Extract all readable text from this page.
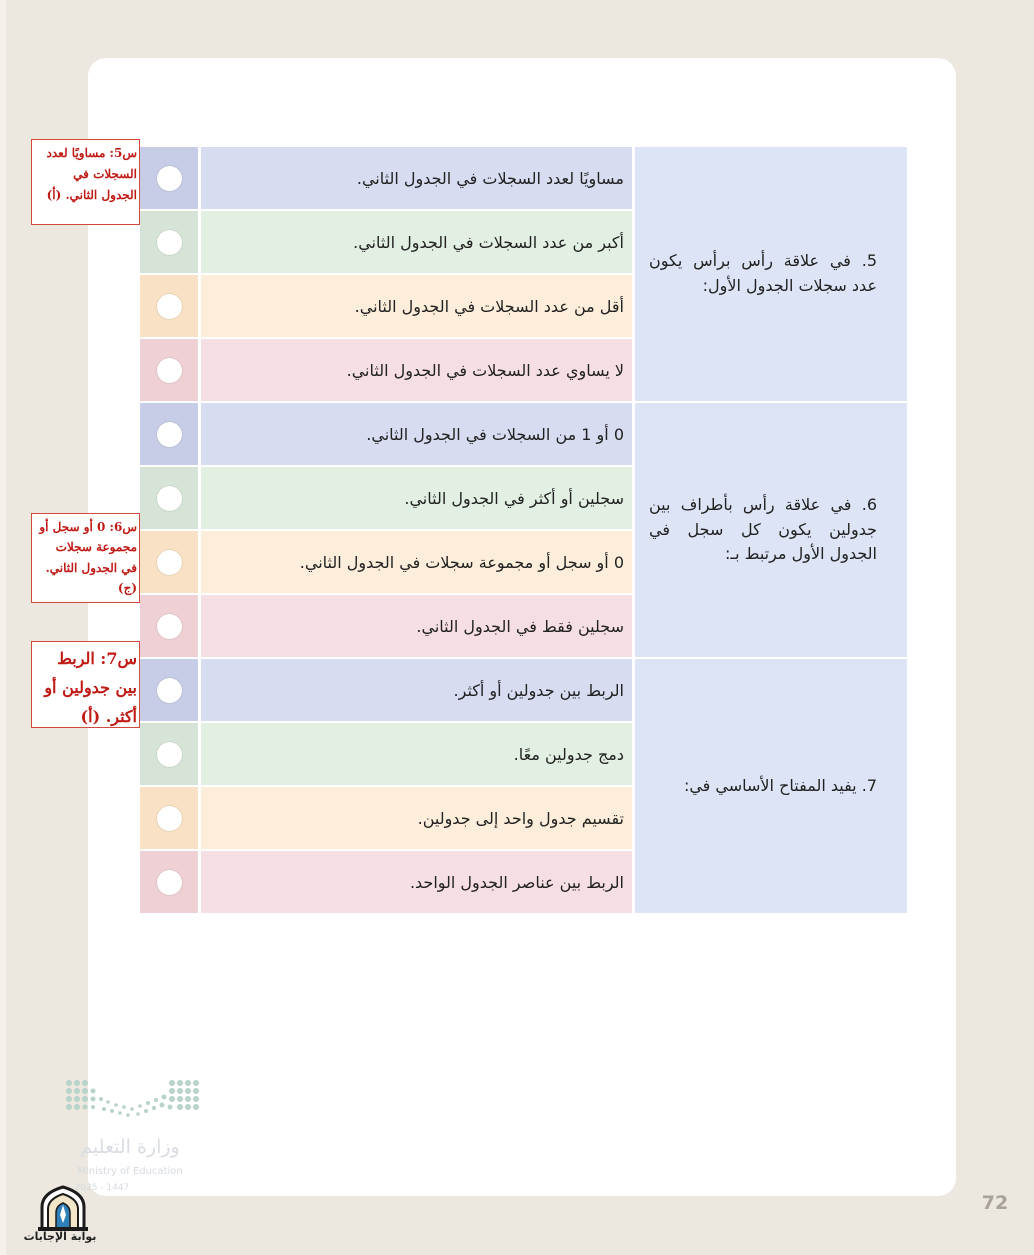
5. في علاقة رأس برأس يكون عدد سجلات الجدول الأول:
مساويًا لعدد السجلات في الجدول الثاني.
أكبر من عدد السجلات في الجدول الثاني.
أقل من عدد السجلات في الجدول الثاني.
لا يساوي عدد السجلات في الجدول الثاني.
6. في علاقة رأس بأطراف بين جدولين يكون كل سجل في الجدول الأول مرتبط بـ:
0 أو 1 من السجلات في الجدول الثاني.
سجلين أو أكثر في الجدول الثاني.
0 أو سجل أو مجموعة سجلات في الجدول الثاني.
سجلين فقط في الجدول الثاني.
7. يفيد المفتاح الأساسي في:
الربط بين جدولين أو أكثر.
دمج جدولين معًا.
تقسيم جدول واحد إلى جدولين.
الربط بين عناصر الجدول الواحد.
س5: مساويًا لعدد السجلات في الجدول الثاني. (أ)
س6: 0 أو سجل أو مجموعة سجلات في الجدول الثاني. (ج)
س7: الربط بين جدولين أو أكثر. (أ)
وزارة التعليم
Ministry of Education
2025 - 1447
بوابة الإجابات
72
